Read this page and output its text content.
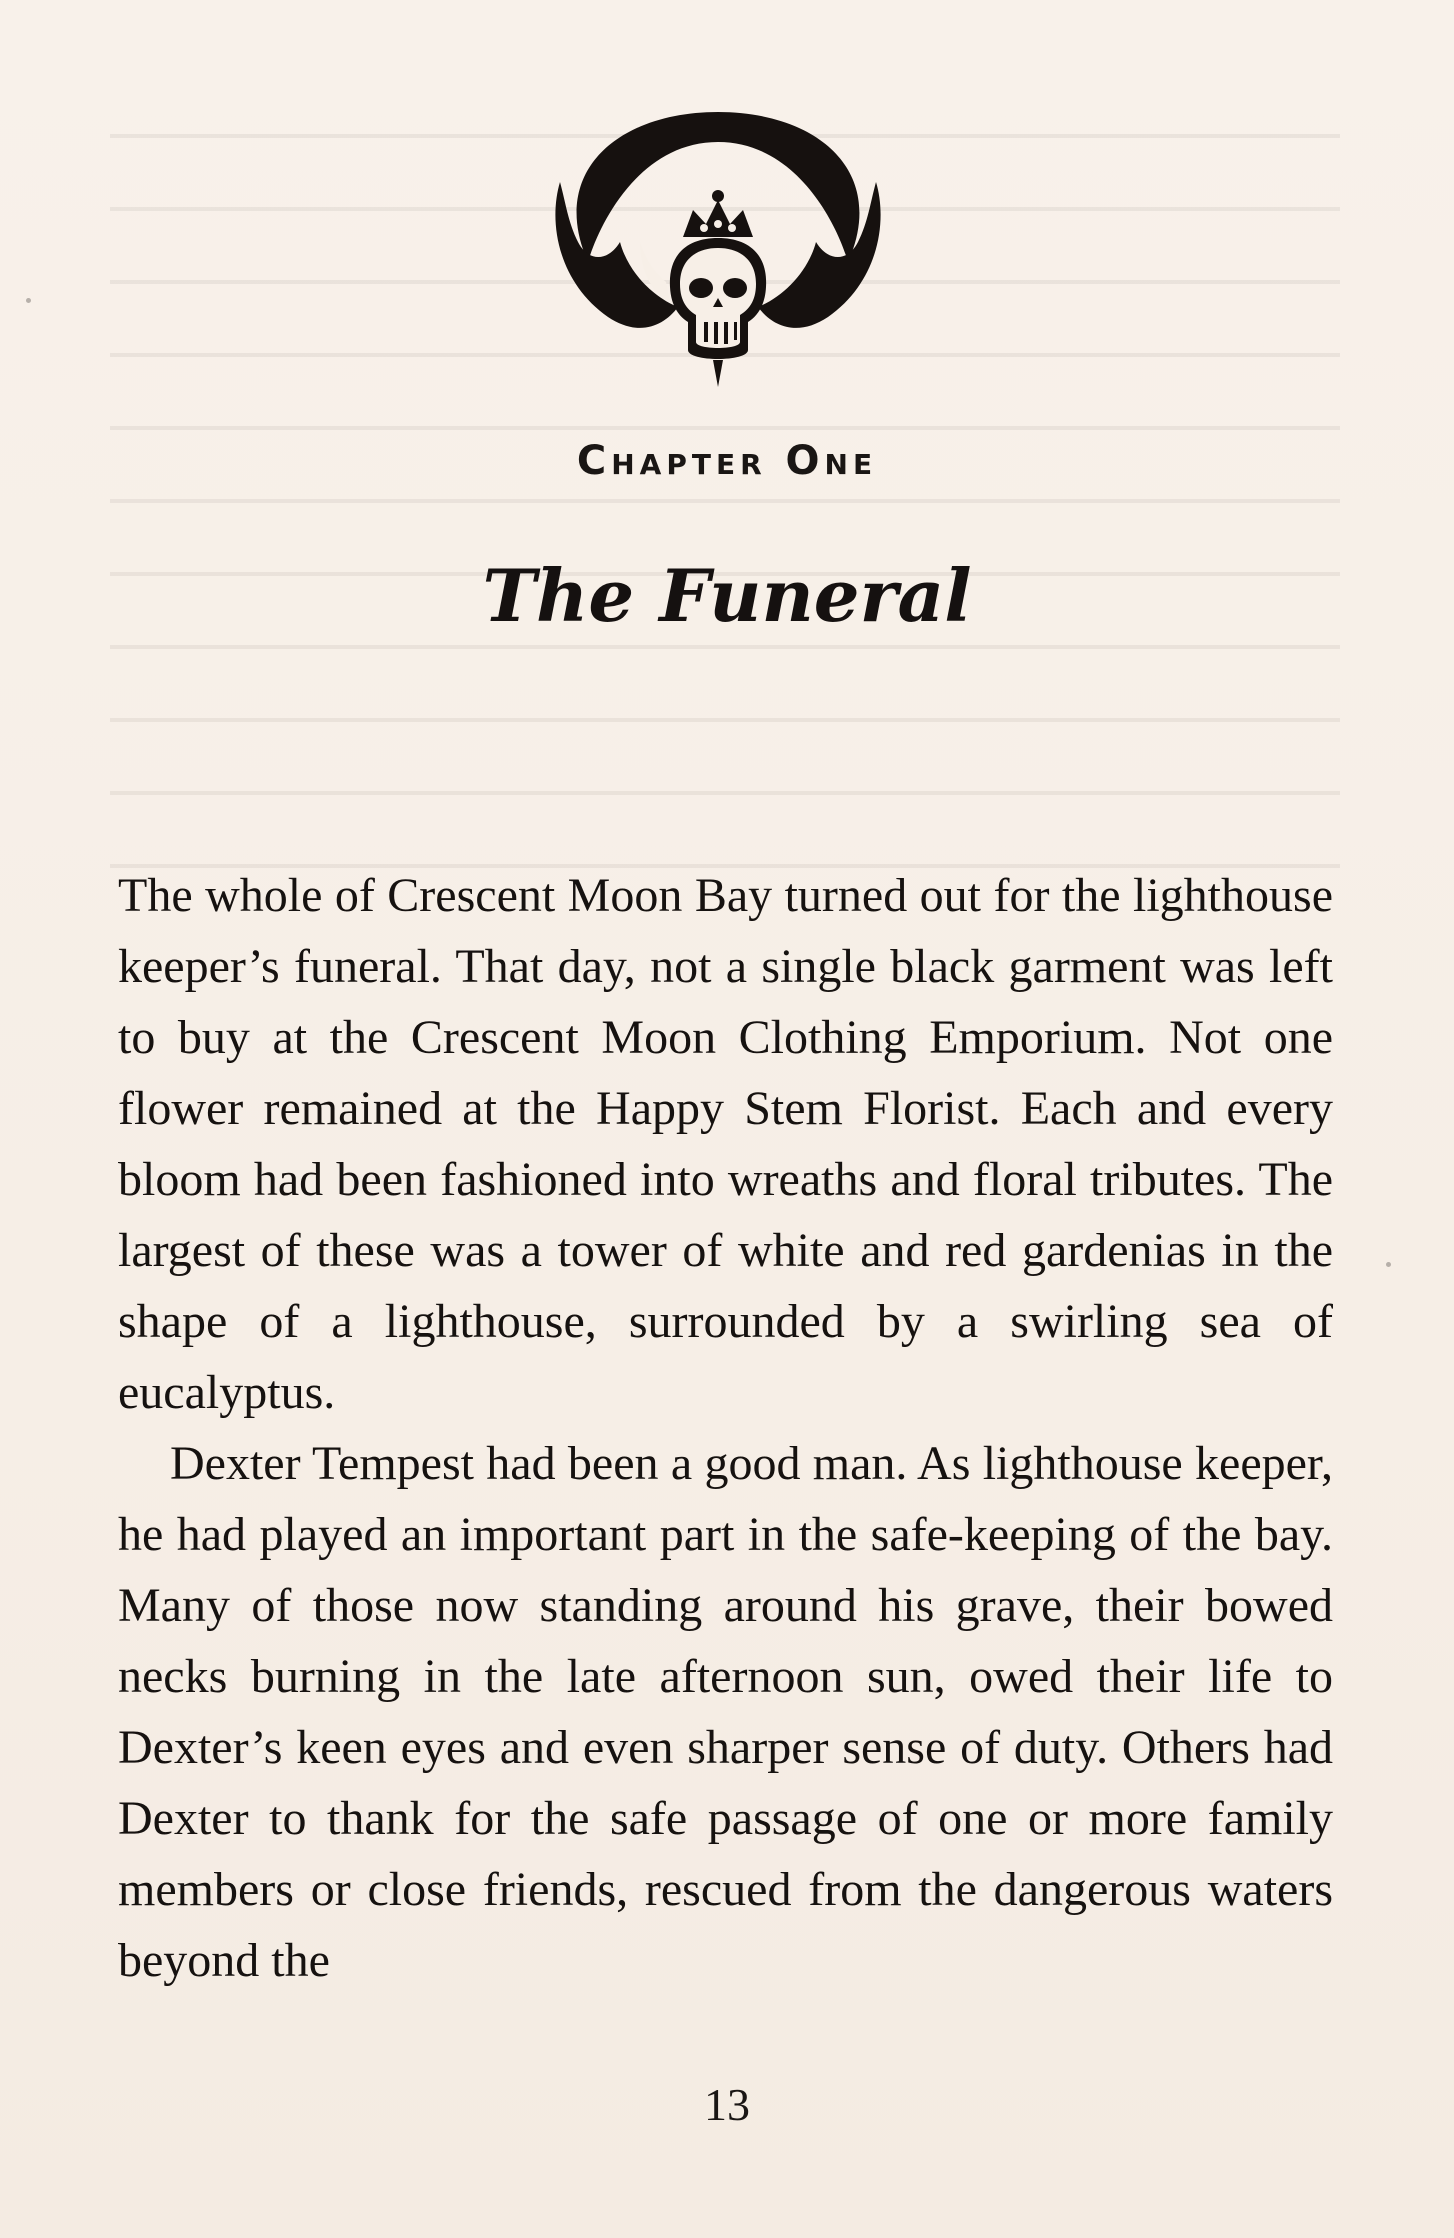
Chapter One
The Funeral

The whole of Crescent Moon Bay turned out for the lighthouse keeper’s funeral. That day, not a single black garment was left to buy at the Crescent Moon Clothing Emporium. Not one flower remained at the Happy Stem Florist. Each and every bloom had been fashioned into wreaths and floral tributes. The largest of these was a tower of white and red gardenias in the shape of a lighthouse, surrounded by a swirling sea of eucalyptus.

Dexter Tempest had been a good man. As lighthouse keeper, he had played an important part in the safe-keeping of the bay. Many of those now standing around his grave, their bowed necks burning in the late afternoon sun, owed their life to Dexter’s keen eyes and even sharper sense of duty. Others had Dexter to thank for the safe passage of one or more family members or close friends, rescued from the dangerous waters beyond the

13
